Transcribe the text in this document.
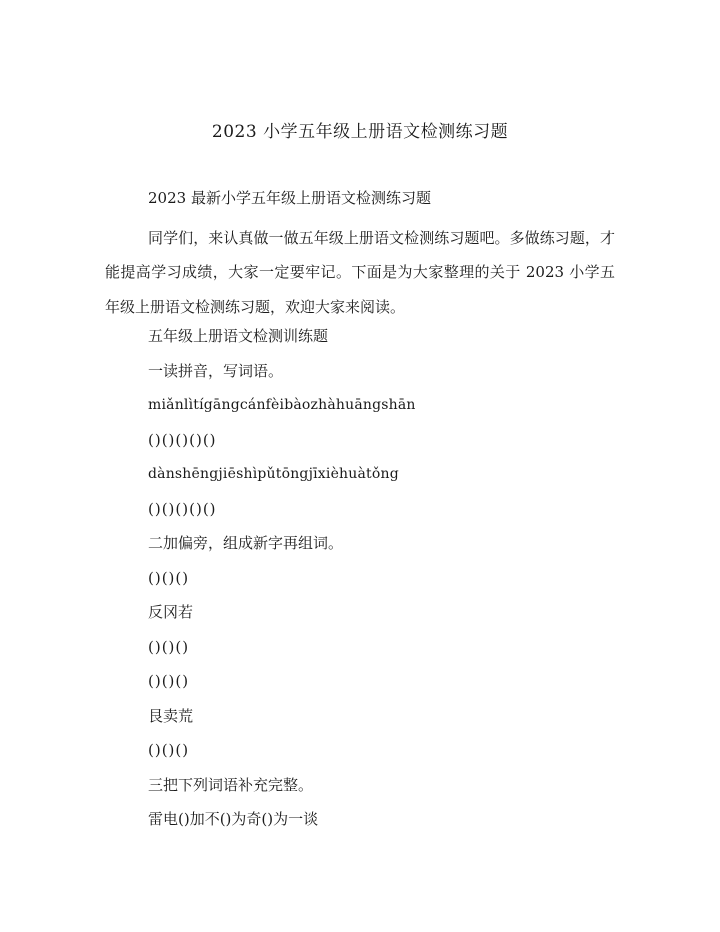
2023 小学五年级上册语文检测练习题
2023 最新小学五年级上册语文检测练习题
同学们，来认真做一做五年级上册语文检测练习题吧。多做练习题，才能提高学习成绩，大家一定要牢记。下面是为大家整理的关于 2023 小学五年级上册语文检测练习题，欢迎大家来阅读。
五年级上册语文检测训练题
一读拼音，写词语。
miǎnlìtígāngcánfèibàozhàhuāngshān
()()()()()
dànshēngjiēshìpǔtōngjīxièhuàtǒng
()()()()()
二加偏旁，组成新字再组词。
()()()
反冈若
()()()
()()()
艮卖荒
()()()
三把下列词语补充完整。
雷电()加不()为奇()为一谈
